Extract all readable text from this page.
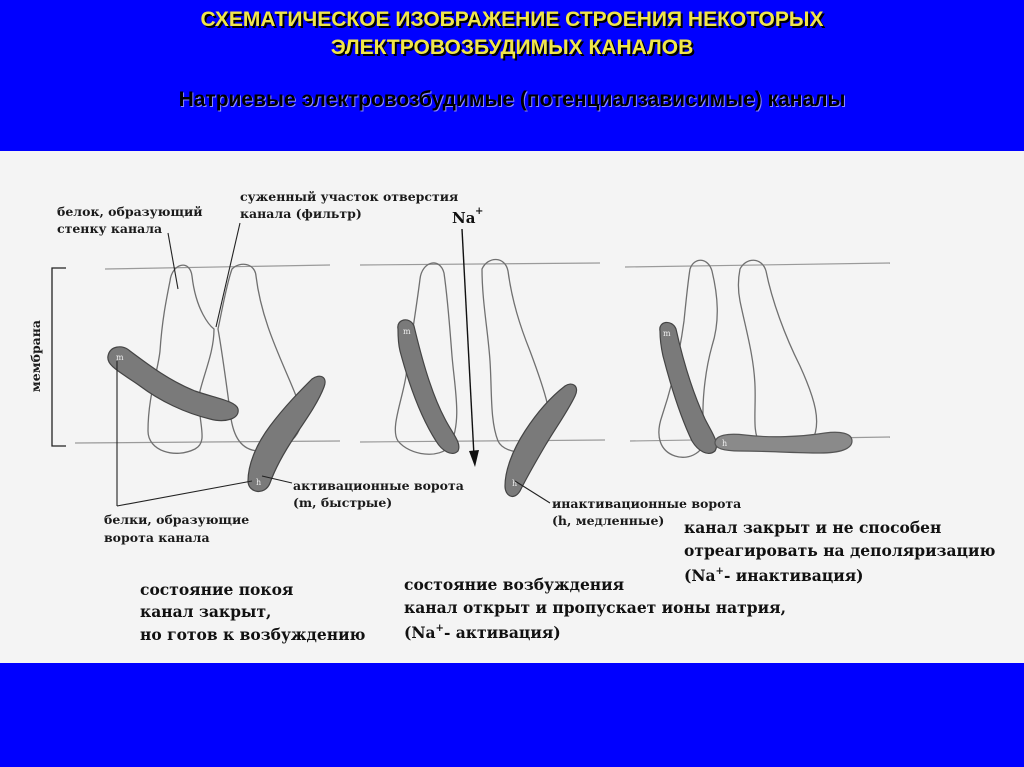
СХЕМАТИЧЕСКОЕ ИЗОБРАЖЕНИЕ СТРОЕНИЯ НЕКОТОРЫХ
ЭЛЕКТРОВОЗБУДИМЫХ КАНАЛОВ
Натриевые электровозбудимые (потенциалзависимые) каналы
мембрана	m
h
m
h
Na +
m
h
белок, образующий
стенку канала
суженный участок отверстия
канала (фильтр)
активационные ворота
(m, быстрые)	инактивационные ворота
(h, медленные)
белки, образующие
ворота канала
состояние покоя
канал закрыт,
но готов к возбуждению
состояние возбуждения
канал открыт и пропускает ионы натрия,
(Na+- активация)
канал закрыт и не способен
отреагировать на деполяризацию
(Na+- инактивация)
